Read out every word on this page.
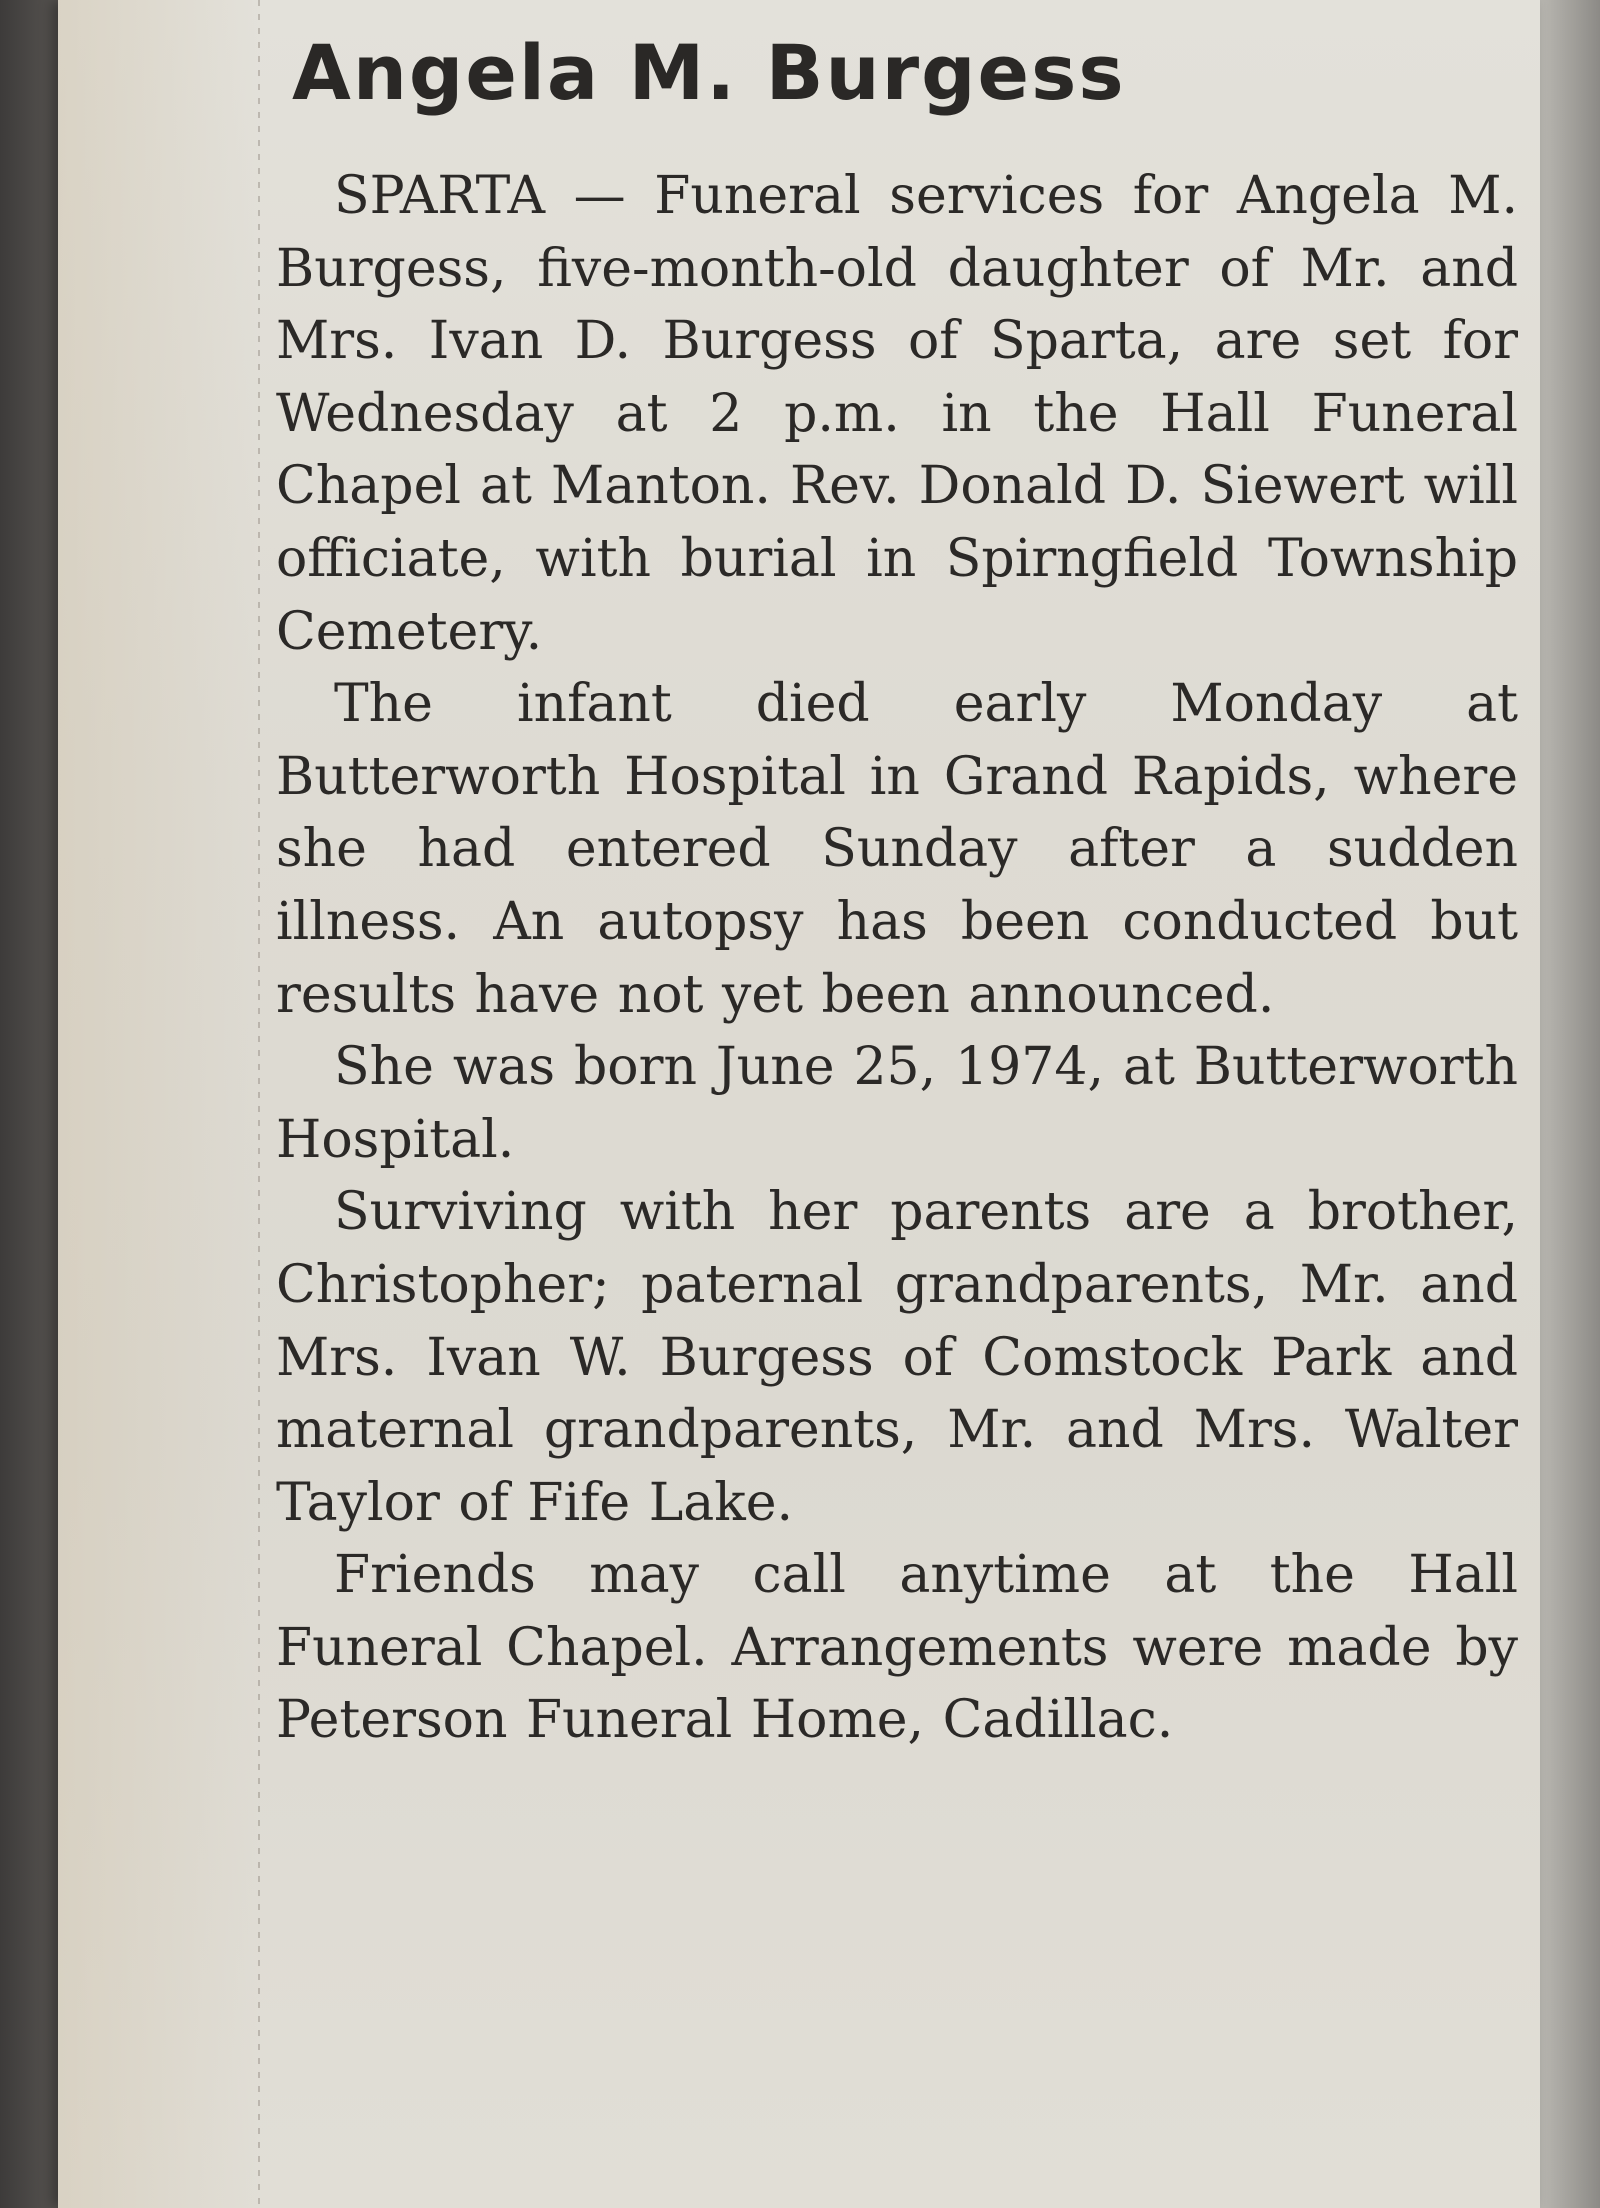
Angela M. Burgess

SPARTA — Funeral services for Angela M. Burgess, five-month-old daughter of Mr. and Mrs. Ivan D. Burgess of Sparta, are set for Wednesday at 2 p.m. in the Hall Funeral Chapel at Manton. Rev. Donald D. Siewert will officiate, with burial in Spirngfield Township Cemetery.

The infant died early Monday at Butterworth Hospital in Grand Rapids, where she had entered Sunday after a sudden illness. An autopsy has been conducted but results have not yet been announced.

She was born June 25, 1974, at Butterworth Hospital.

Surviving with her parents are a brother, Christopher; paternal grandparents, Mr. and Mrs. Ivan W. Burgess of Comstock Park and maternal grandparents, Mr. and Mrs. Walter Taylor of Fife Lake.

Friends may call anytime at the Hall Funeral Chapel. Arrangements were made by Peterson Funeral Home, Cadillac.
